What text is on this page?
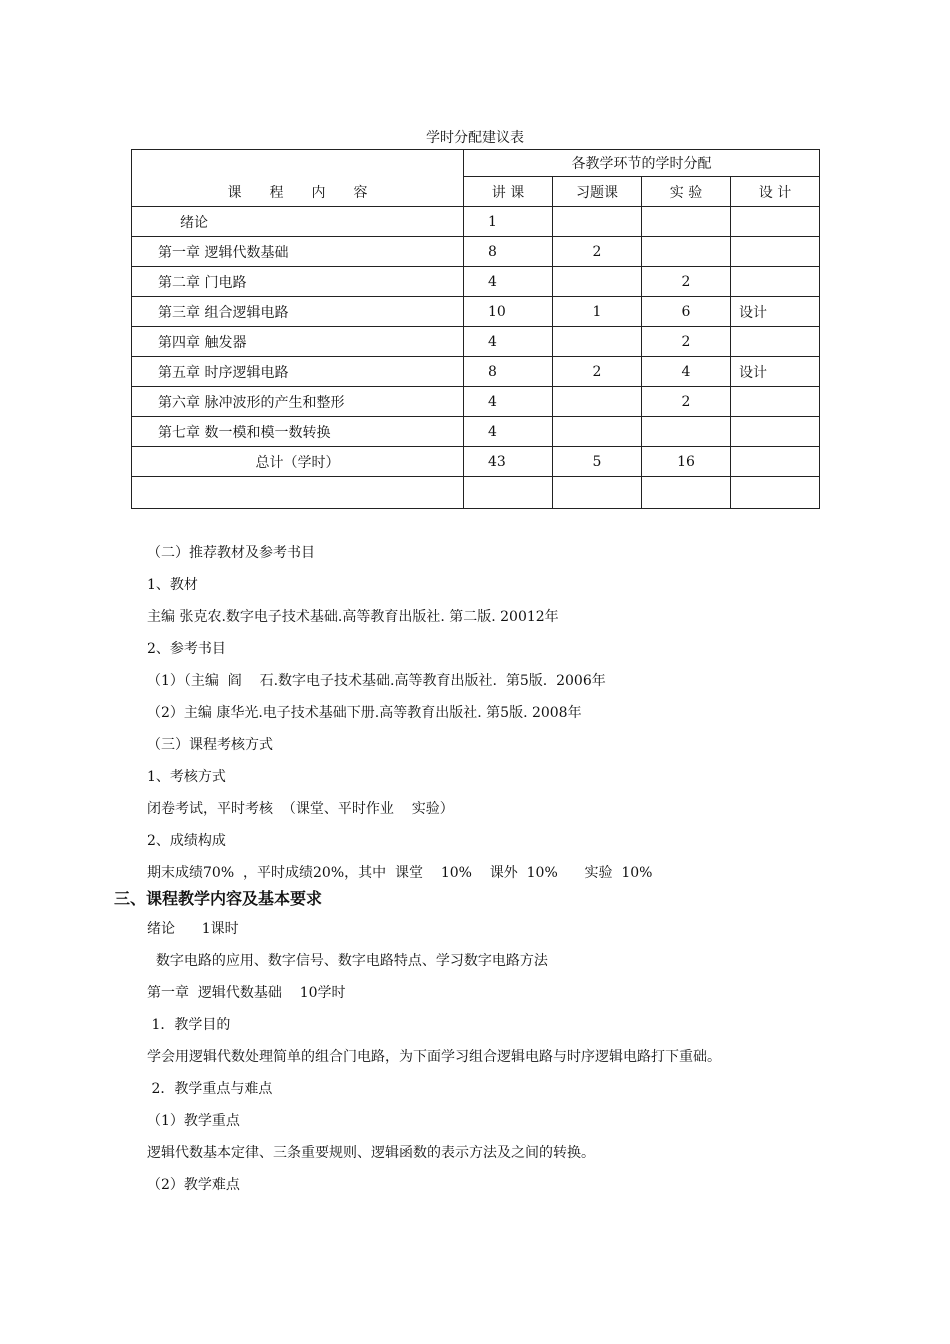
学时分配建议表
课　　程　　内　　容	各教学环节的学时分配			
	讲 课	习题课	实 验	设 计
　　绪论	1			
第一章 逻辑代数基础	8	2		
第二章 门电路	4		2	
第三章 组合逻辑电路	10	1	6	设计
第四章 触发器	4		2	
第五章 时序逻辑电路	8	2	4	设计
第六章 脉冲波形的产生和整形	4		2	
第七章 数一模和模一数转换	4			
总计（学时）	43	5	16	

（二）推荐教材及参考书目
1、教材
主编 张克农.数字电子技术基础.高等教育出版社. 第二版. 20012年
2、参考书目
（1）（主编  阎    石.数字电子技术基础.高等教育出版社.  第5版.  2006年
（2）主编 康华光.电子技术基础下册.高等教育出版社. 第5版. 2008年
（三）课程考核方式
1、考核方式
闭卷考试，平时考核  （课堂、平时作业    实验）
2、成绩构成
期末成绩70%  ，平时成绩20%，其中  课堂    10%    课外  10%      实验  10%
三、课程教学内容及基本要求
绪论      1课时
数字电路的应用、数字信号、数字电路特点、学习数字电路方法
第一章  逻辑代数基础    10学时
1．教学目的
学会用逻辑代数处理简单的组合门电路，为下面学习组合逻辑电路与时序逻辑电路打下重础。
2．教学重点与难点
（1）教学重点
逻辑代数基本定律、三条重要规则、逻辑函数的表示方法及之间的转换。
（2）教学难点
